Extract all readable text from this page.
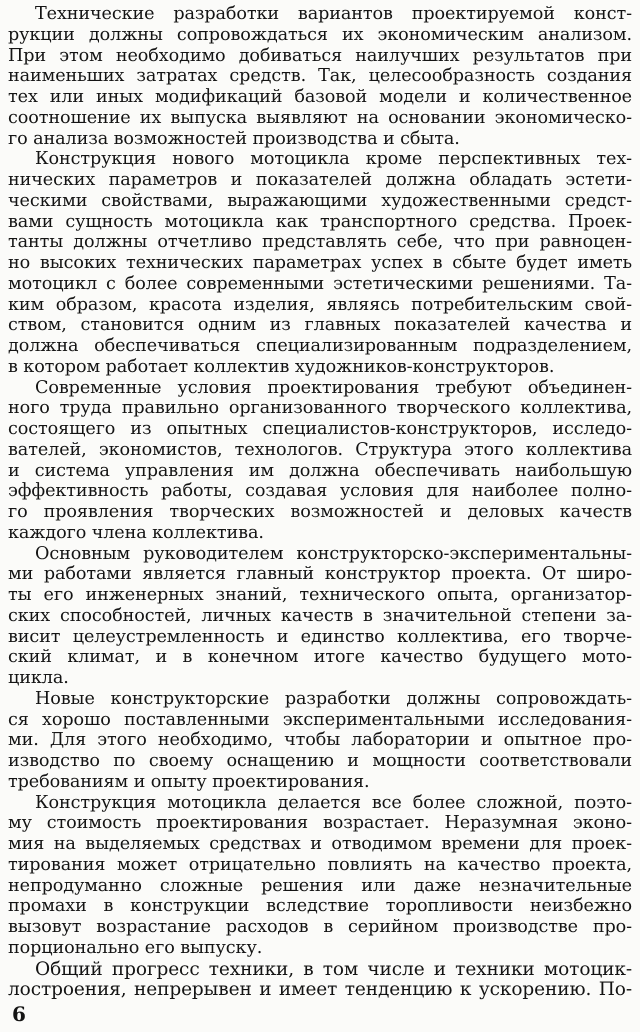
Технические разработки вариантов проектируемой конст-
рукции должны сопровождаться их экономическим анализом.
При этом необходимо добиваться наилучших результатов при
наименьших затратах средств. Так, целесообразность создания
тех или иных модификаций базовой модели и количественное
соотношение их выпуска выявляют на основании экономическо-
го анализа возможностей производства и сбыта.
Конструкция нового мотоцикла кроме перспективных тех-
нических параметров и показателей должна обладать эстети-
ческими свойствами, выражающими художественными средст-
вами сущность мотоцикла как транспортного средства. Проек-
танты должны отчетливо представлять себе, что при равноцен-
но высоких технических параметрах успех в сбыте будет иметь
мотоцикл с более современными эстетическими решениями. Та-
ким образом, красота изделия, являясь потребительским свой-
ством, становится одним из главных показателей качества и
должна обеспечиваться специализированным подразделением,
в котором работает коллектив художников-конструкторов.
Современные условия проектирования требуют объединен-
ного труда правильно организованного творческого коллектива,
состоящего из опытных специалистов-конструкторов, исследо-
вателей, экономистов, технологов. Структура этого коллектива
и система управления им должна обеспечивать наибольшую
эффективность работы, создавая условия для наиболее полно-
го проявления творческих возможностей и деловых качеств
каждого члена коллектива.
Основным руководителем конструкторско-экспериментальны-
ми работами является главный конструктор проекта. От широ-
ты его инженерных знаний, технического опыта, организатор-
ских способностей, личных качеств в значительной степени за-
висит целеустремленность и единство коллектива, его творче-
ский климат, и в конечном итоге качество будущего мото-
цикла.
Новые конструкторские разработки должны сопровождать-
ся хорошо поставленными экспериментальными исследования-
ми. Для этого необходимо, чтобы лаборатории и опытное про-
изводство по своему оснащению и мощности соответствовали
требованиям и опыту проектирования.
Конструкция мотоцикла делается все более сложной, поэто-
му стоимость проектирования возрастает. Неразумная эконо-
мия на выделяемых средствах и отводимом времени для проек-
тирования может отрицательно повлиять на качество проекта,
непродуманно сложные решения или даже незначительные
промахи в конструкции вследствие торопливости неизбежно
вызовут возрастание расходов в серийном производстве про-
порционально его выпуску.
Общий прогресс техники, в том числе и техники мотоцик-
лостроения, непрерывен и имеет тенденцию к ускорению. По-
6
